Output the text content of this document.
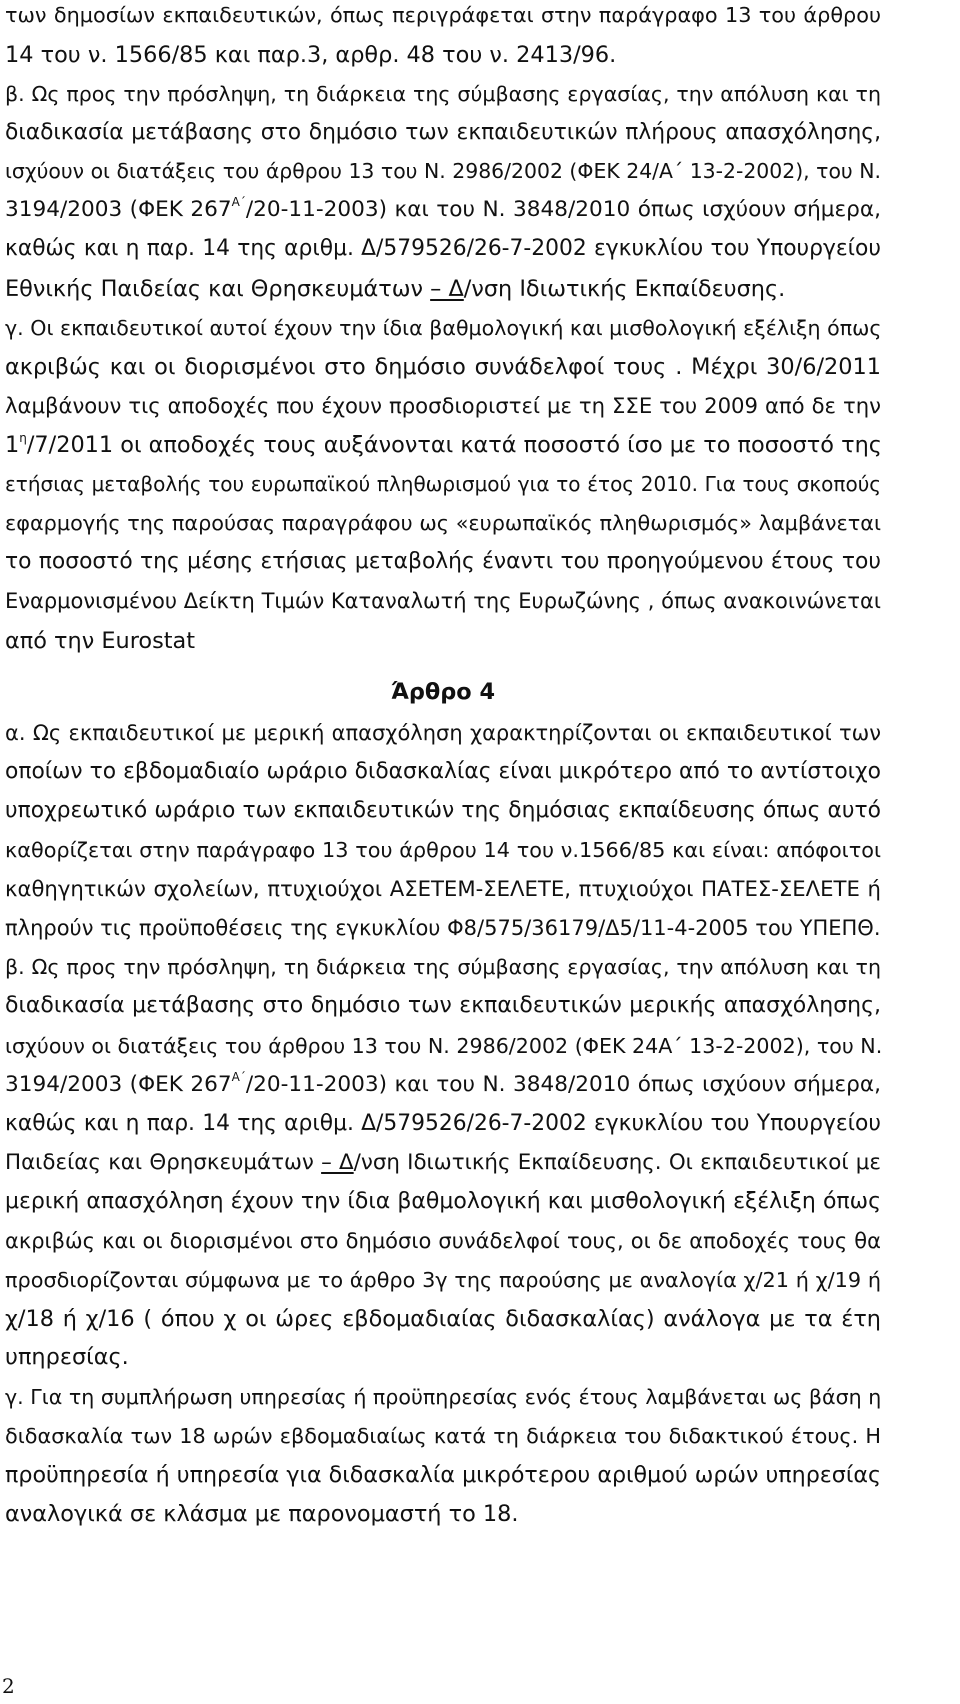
των δημοσίων εκπαιδευτικών, όπως περιγράφεται στην παράγραφο 13 του άρθρου
14 του ν. 1566/85 και παρ.3, αρθρ. 48 του ν. 2413/96.
β. Ως προς την πρόσληψη, τη διάρκεια της σύμβασης εργασίας, την απόλυση και τη
διαδικασία μετάβασης στο δημόσιο των εκπαιδευτικών πλήρους απασχόλησης,
ισχύουν οι διατάξεις του άρθρου 13 του Ν. 2986/2002 (ΦΕΚ 24/Α΄ 13-2-2002), του Ν.
3194/2003 (ΦΕΚ $267^{A΄}/20-11-2003$) και του Ν. 3848/2010 όπως ισχύουν σήμερα,
καθώς και η παρ. 14 της αριθμ. Δ/579526/26-7-2002 εγκυκλίου του Υπουργείου
Εθνικής Παιδείας και Θρησκευμάτων – Δ/νση Ιδιωτικής Εκπαίδευσης.
γ. Οι εκπαιδευτικοί αυτοί έχουν την ίδια βαθμολογική και μισθολογική εξέλιξη όπως
ακριβώς και οι διορισμένοι στο δημόσιο συνάδελφοί τους . Μέχρι 30/6/2011
λαμβάνουν τις αποδοχές που έχουν προσδιοριστεί με τη ΣΣΕ του 2009 από δε την
$1^\eta/7/2011$ οι αποδοχές τους αυξάνονται κατά ποσοστό ίσο με το ποσοστό της
ετήσιας μεταβολής του ευρωπαϊκού πληθωρισμού για το έτος 2010. Για τους σκοπούς
εφαρμογής της παρούσας παραγράφου ως «ευρωπαϊκός πληθωρισμός» λαμβάνεται
το ποσοστό της μέσης ετήσιας μεταβολής έναντι του προηγούμενου έτους του
Εναρμονισμένου Δείκτη Τιμών Καταναλωτή της Ευρωζώνης , όπως ανακοινώνεται
από την Eurostat
α. Ως εκπαιδευτικοί με μερική απασχόληση χαρακτηρίζονται οι εκπαιδευτικοί των
οποίων το εβδομαδιαίο ωράριο διδασκαλίας είναι μικρότερο από το αντίστοιχο
υποχρεωτικό ωράριο των εκπαιδευτικών της δημόσιας εκπαίδευσης όπως αυτό
καθορίζεται στην παράγραφο 13 του άρθρου 14 του ν.1566/85 και είναι: απόφοιτοι
καθηγητικών σχολείων, πτυχιούχοι ΑΣΕΤΕΜ-ΣΕΛΕΤΕ, πτυχιούχοι ΠΑΤΕΣ-ΣΕΛΕΤΕ ή
πληρούν τις προϋποθέσεις της εγκυκλίου Φ8/575/36179/Δ5/11-4-2005 του ΥΠΕΠΘ.
β. Ως προς την πρόσληψη, τη διάρκεια της σύμβασης εργασίας, την απόλυση και τη
διαδικασία μετάβασης στο δημόσιο των εκπαιδευτικών μερικής απασχόλησης,
ισχύουν οι διατάξεις του άρθρου 13 του Ν. 2986/2002 (ΦΕΚ 24Α΄ 13-2-2002), του Ν.
3194/2003 (ΦΕΚ $267^{A΄}/20-11-2003$) και του Ν. 3848/2010 όπως ισχύουν σήμερα,
καθώς και η παρ. 14 της αριθμ. Δ/579526/26-7-2002 εγκυκλίου του Υπουργείου
Παιδείας και Θρησκευμάτων – Δ/νση Ιδιωτικής Εκπαίδευσης. Οι εκπαιδευτικοί με
μερική απασχόληση έχουν την ίδια βαθμολογική και μισθολογική εξέλιξη όπως
ακριβώς και οι διορισμένοι στο δημόσιο συνάδελφοί τους, οι δε αποδοχές τους θα
προσδιορίζονται σύμφωνα με το άρθρο 3γ της παρούσης με αναλογία χ/21 ή χ/19 ή
χ/18 ή χ/16 ( όπου χ οι ώρες εβδομαδιαίας διδασκαλίας) ανάλογα με τα έτη
υπηρεσίας.
γ. Για τη συμπλήρωση υπηρεσίας ή προϋπηρεσίας ενός έτους λαμβάνεται ως βάση η
διδασκαλία των 18 ωρών εβδομαδιαίως κατά τη διάρκεια του διδακτικού έτους. Η
προϋπηρεσία ή υπηρεσία για διδασκαλία μικρότερου αριθμού ωρών υπηρεσίας
αναλογικά σε κλάσμα με παρονομαστή το 18.
Άρθρο 4
2
